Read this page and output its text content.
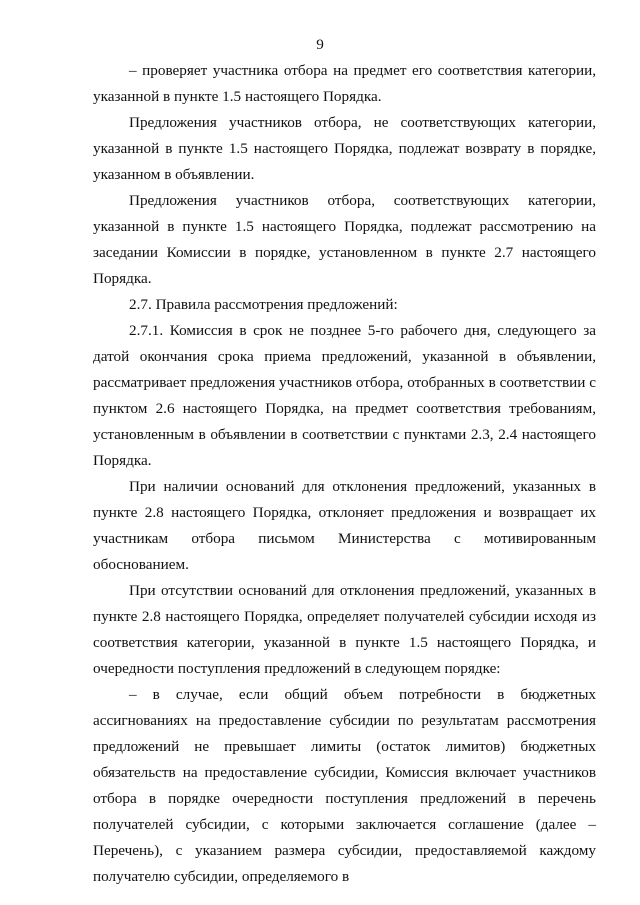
9

– проверяет участника отбора на предмет его соответствия категории, указанной в пункте 1.5 настоящего Порядка.

Предложения участников отбора, не соответствующих категории, указанной в пункте 1.5 настоящего Порядка, подлежат возврату в порядке, указанном в объявлении.

Предложения участников отбора, соответствующих категории, указанной в пункте 1.5 настоящего Порядка, подлежат рассмотрению на заседании Комиссии в порядке, установленном в пункте 2.7 настоящего Порядка.

2.7. Правила рассмотрения предложений:

2.7.1. Комиссия в срок не позднее 5-го рабочего дня, следующего за датой окончания срока приема предложений, указанной в объявлении, рассматривает предложения участников отбора, отобранных в соответствии с пунктом 2.6 настоящего Порядка, на предмет соответствия требованиям, установленным в объявлении в соответствии с пунктами 2.3, 2.4 настоящего Порядка.

При наличии оснований для отклонения предложений, указанных в пункте 2.8 настоящего Порядка, отклоняет предложения и возвращает их участникам отбора письмом Министерства с мотивированным обоснованием.

При отсутствии оснований для отклонения предложений, указанных в пункте 2.8 настоящего Порядка, определяет получателей субсидии исходя из соответствия категории, указанной в пункте 1.5 настоящего Порядка, и очередности поступления предложений в следующем порядке:

– в случае, если общий объем потребности в бюджетных ассигнованиях на предоставление субсидии по результатам рассмотрения предложений не превышает лимиты (остаток лимитов) бюджетных обязательств на предоставление субсидии, Комиссия включает участников отбора в порядке очередности поступления предложений в перечень получателей субсидии, с которыми заключается соглашение (далее – Перечень), с указанием размера субсидии, предоставляемой каждому получателю субсидии, определяемого в
